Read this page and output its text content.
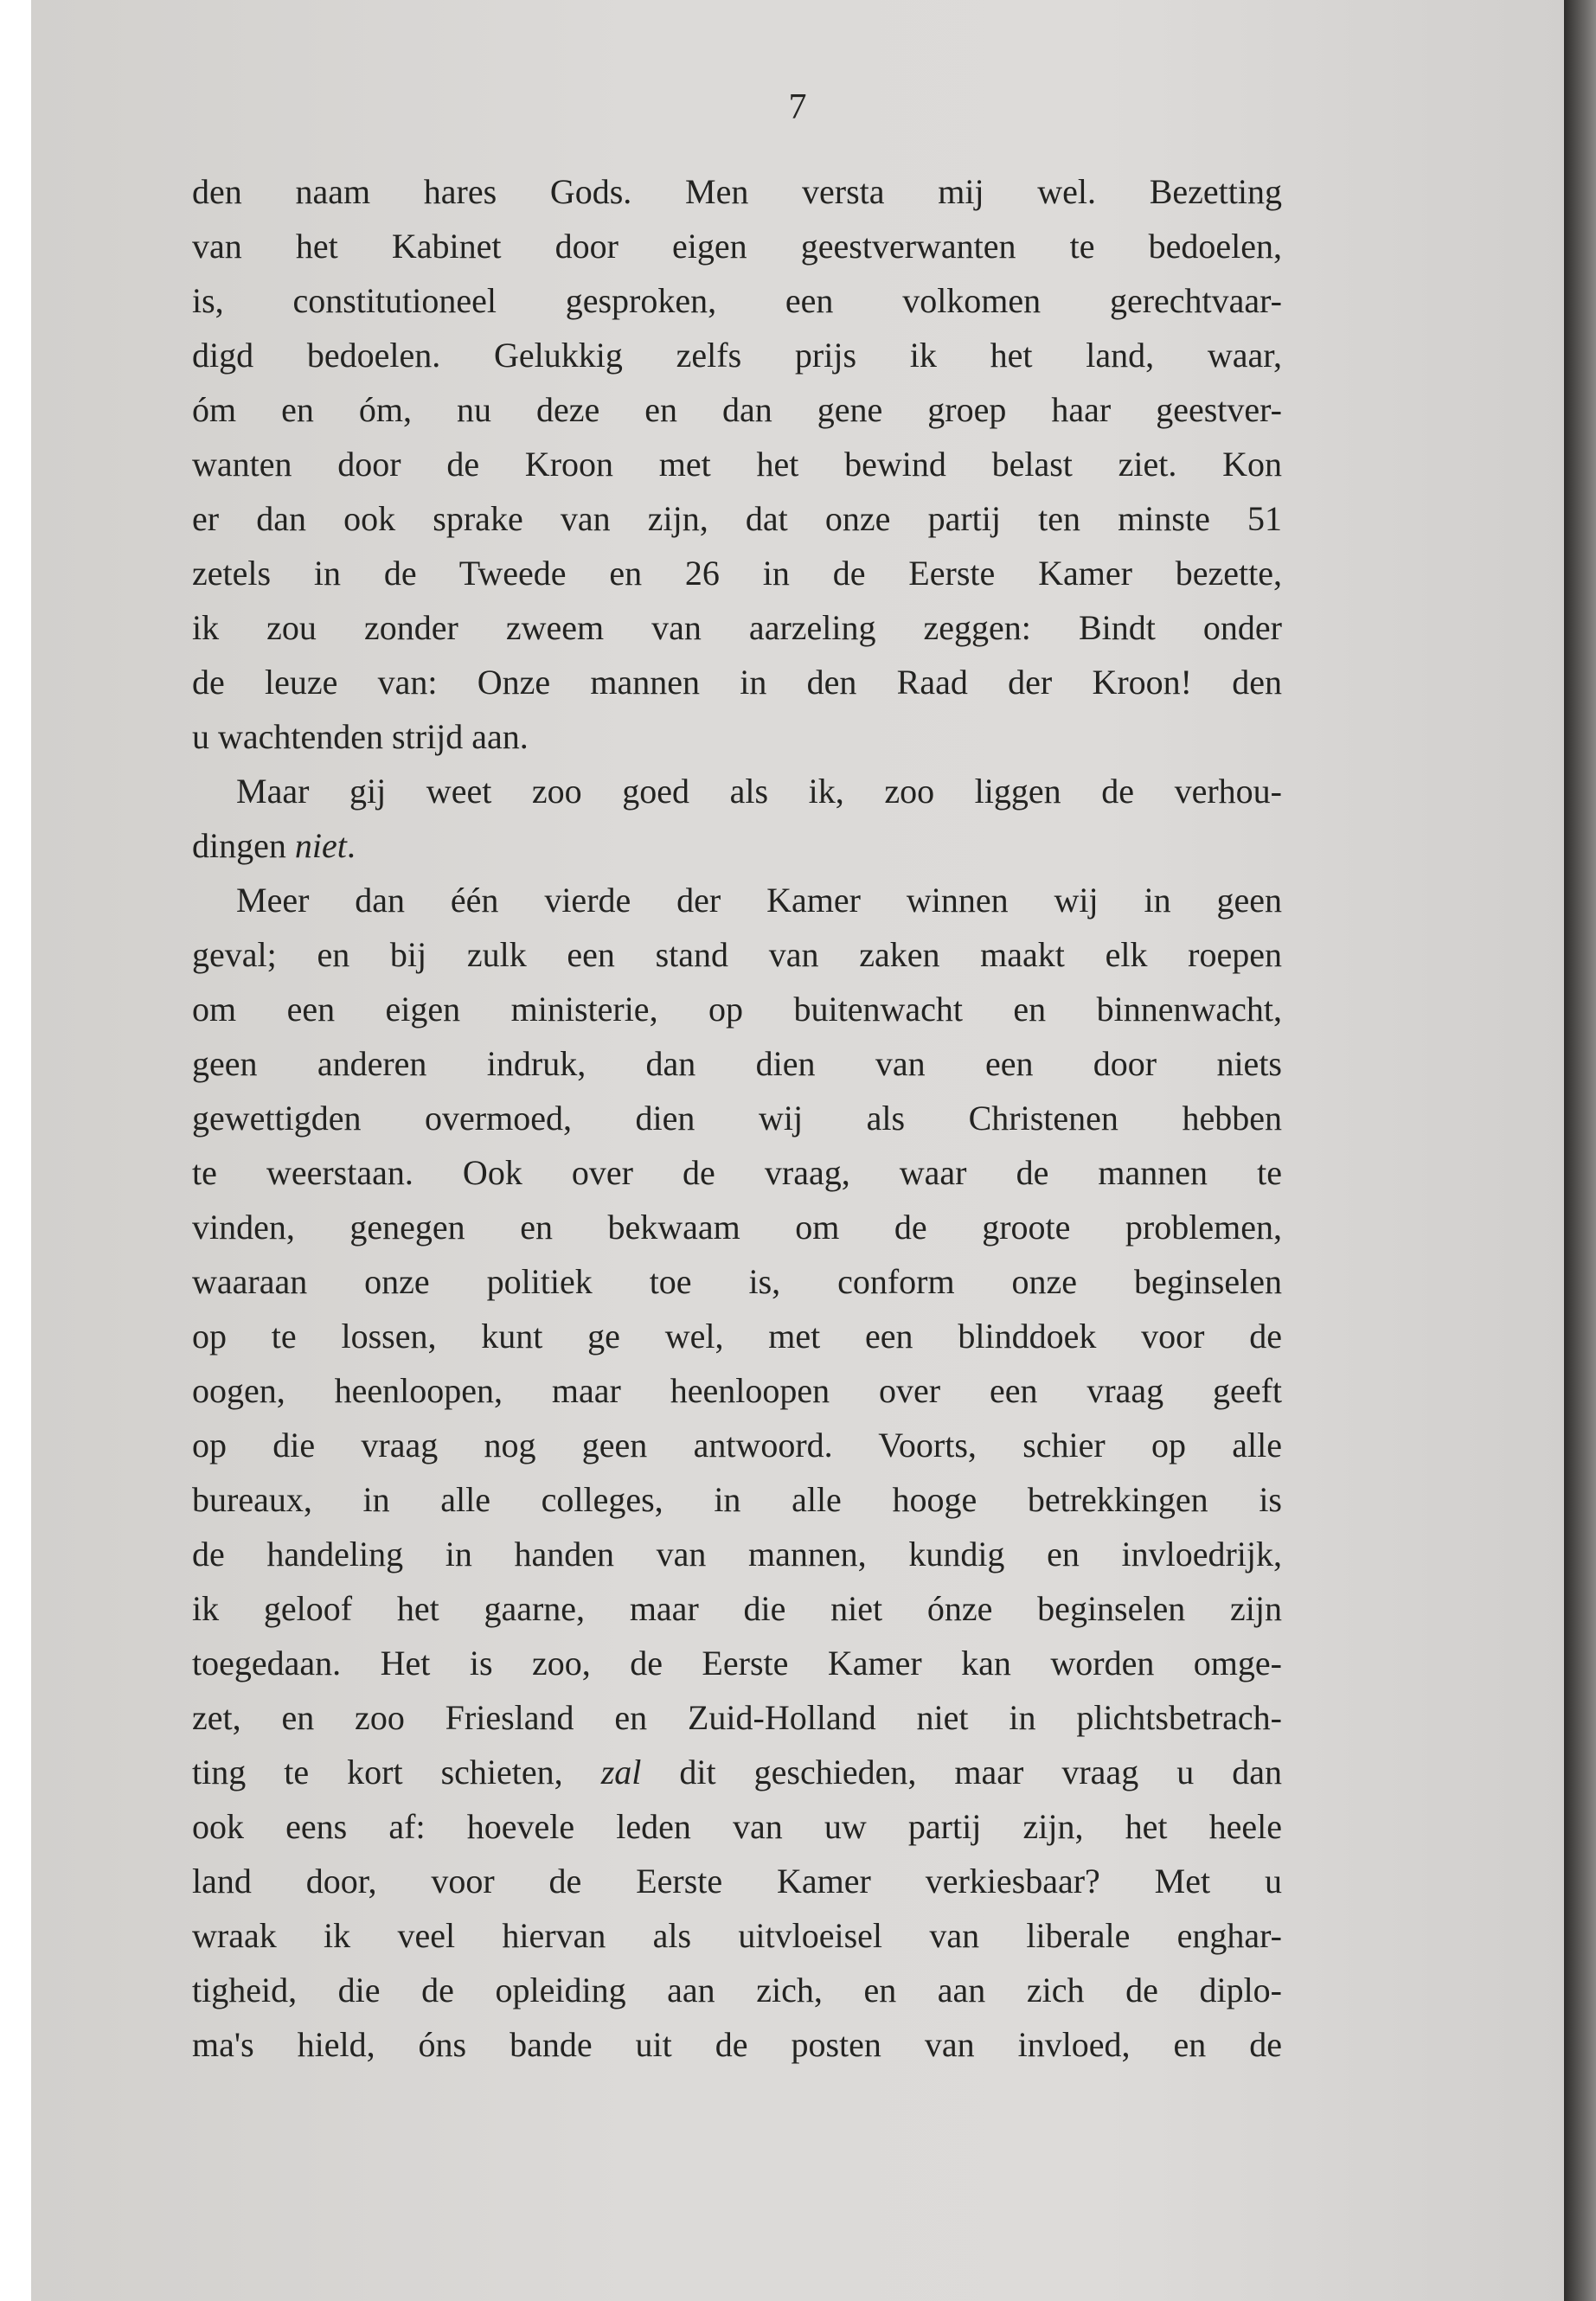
7
den naam hares Gods. Men versta mij wel. Bezetting
van het Kabinet door eigen geestverwanten te bedoelen,
is, constitutioneel gesproken, een volkomen gerechtvaar-
digd bedoelen. Gelukkig zelfs prijs ik het land, waar,
óm en óm, nu deze en dan gene groep haar geestver-
wanten door de Kroon met het bewind belast ziet. Kon
er dan ook sprake van zijn, dat onze partij ten minste 51
zetels in de Tweede en 26 in de Eerste Kamer bezette,
ik zou zonder zweem van aarzeling zeggen: Bindt onder
de leuze van: Onze mannen in den Raad der Kroon! den
u wachtenden strijd aan.
Maar gij weet zoo goed als ik, zoo liggen de verhou-
dingen niet.
Meer dan één vierde der Kamer winnen wij in geen
geval; en bij zulk een stand van zaken maakt elk roepen
om een eigen ministerie, op buitenwacht en binnenwacht,
geen anderen indruk, dan dien van een door niets
gewettigden overmoed, dien wij als Christenen hebben
te weerstaan. Ook over de vraag, waar de mannen te
vinden, genegen en bekwaam om de groote problemen,
waaraan onze politiek toe is, conform onze beginselen
op te lossen, kunt ge wel, met een blinddoek voor de
oogen, heenloopen, maar heenloopen over een vraag geeft
op die vraag nog geen antwoord. Voorts, schier op alle
bureaux, in alle colleges, in alle hooge betrekkingen is
de handeling in handen van mannen, kundig en invloedrijk,
ik geloof het gaarne, maar die niet ónze beginselen zijn
toegedaan. Het is zoo, de Eerste Kamer kan worden omge-
zet, en zoo Friesland en Zuid-Holland niet in plichtsbetrach-
ting te kort schieten, zal dit geschieden, maar vraag u dan
ook eens af: hoevele leden van uw partij zijn, het heele
land door, voor de Eerste Kamer verkiesbaar? Met u
wraak ik veel hiervan als uitvloeisel van liberale enghar-
tigheid, die de opleiding aan zich, en aan zich de diplo-
ma's hield, óns bande uit de posten van invloed, en de
